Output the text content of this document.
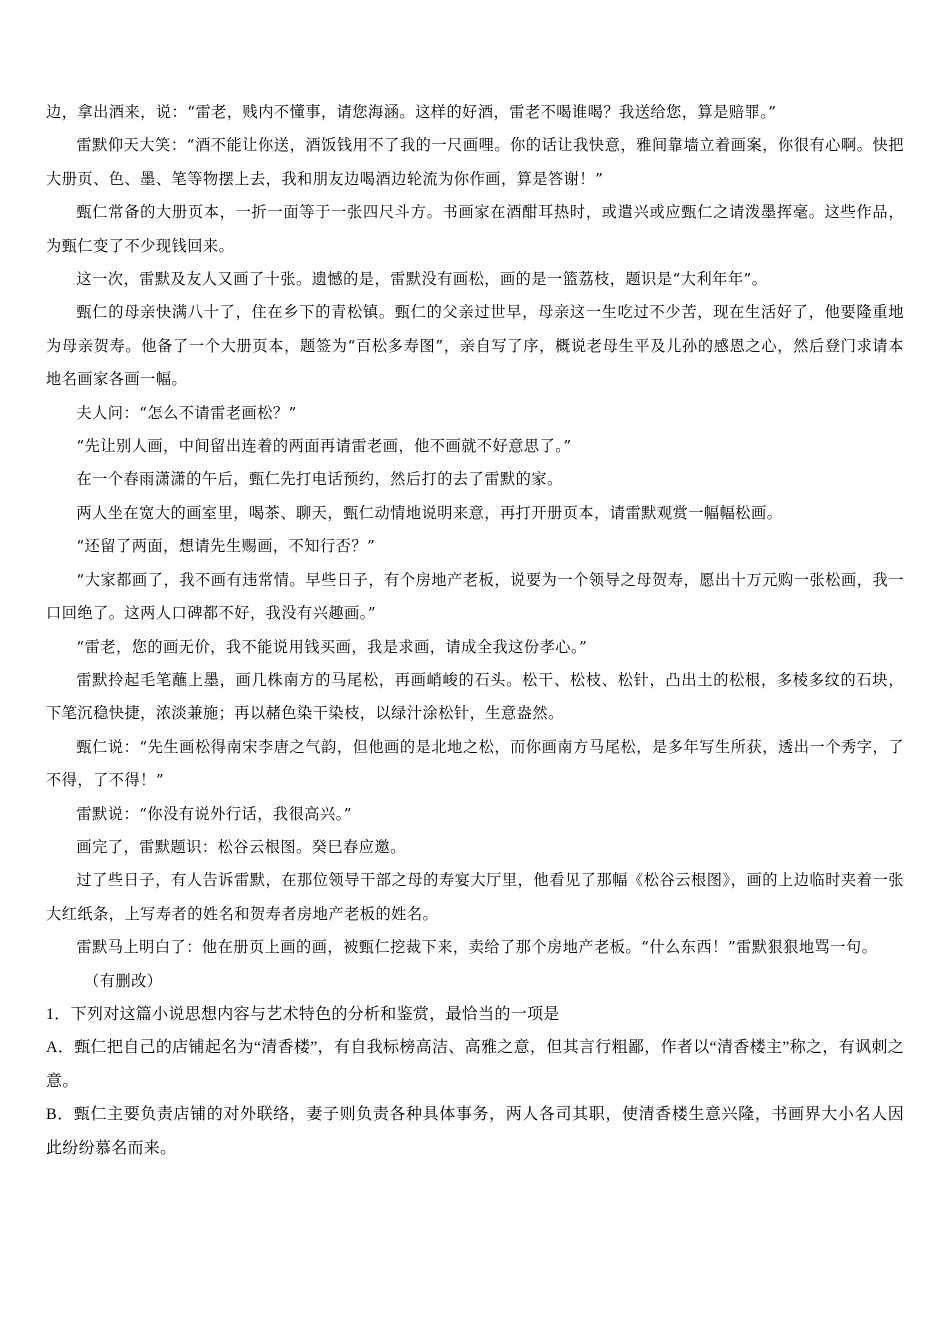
边，拿出酒来，说：“雷老，贱内不懂事，请您海涵。这样的好酒，雷老不喝谁喝？我送给您，算是赔罪。”

雷默仰天大笑：“酒不能让你送，酒饭钱用不了我的一尺画哩。你的话让我快意，雅间靠墙立着画案，你很有心啊。快把大册页、色、墨、笔等物摆上去，我和朋友边喝酒边轮流为你作画，算是答谢！”

甄仁常备的大册页本，一折一面等于一张四尺斗方。书画家在酒酣耳热时，或遣兴或应甄仁之请泼墨挥毫。这些作品，为甄仁变了不少现钱回来。

这一次，雷默及友人又画了十张。遗憾的是，雷默没有画松，画的是一篮荔枝，题识是“大利年年”。

甄仁的母亲快满八十了，住在乡下的青松镇。甄仁的父亲过世早，母亲这一生吃过不少苦，现在生活好了，他要隆重地为母亲贺寿。他备了一个大册页本，题签为“百松多寿图”，亲自写了序，概说老母生平及儿孙的感恩之心，然后登门求请本地名画家各画一幅。

夫人问：“怎么不请雷老画松？”

“先让别人画，中间留出连着的两面再请雷老画，他不画就不好意思了。”

在一个春雨潇潇的午后，甄仁先打电话预约，然后打的去了雷默的家。

两人坐在宽大的画室里，喝茶、聊天，甄仁动情地说明来意，再打开册页本，请雷默观赏一幅幅松画。

“还留了两面，想请先生赐画，不知行否？”

“大家都画了，我不画有违常情。早些日子，有个房地产老板，说要为一个领导之母贺寿，愿出十万元购一张松画，我一口回绝了。这两人口碑都不好，我没有兴趣画。”

“雷老，您的画无价，我不能说用钱买画，我是求画，请成全我这份孝心。”

雷默拎起毛笔蘸上墨，画几株南方的马尾松，再画峭峻的石头。松干、松枝、松针，凸出土的松根，多棱多纹的石块，下笔沉稳快捷，浓淡兼施；再以赭色染干染枝，以绿汁涂松针，生意盎然。

甄仁说：“先生画松得南宋李唐之气韵，但他画的是北地之松，而你画南方马尾松，是多年写生所获，透出一个秀字，了不得，了不得！”

雷默说：“你没有说外行话，我很高兴。”

画完了，雷默题识：松谷云根图。癸巳春应邀。

过了些日子，有人告诉雷默，在那位领导干部之母的寿宴大厅里，他看见了那幅《松谷云根图》，画的上边临时夹着一张大红纸条，上写寿者的姓名和贺寿者房地产老板的姓名。

雷默马上明白了：他在册页上画的画，被甄仁挖裁下来，卖给了那个房地产老板。“什么东西！”雷默狠狠地骂一句。

（有删改）

1．下列对这篇小说思想内容与艺术特色的分析和鉴赏，最恰当的一项是

A．甄仁把自己的店铺起名为“清香楼”，有自我标榜高洁、高雅之意，但其言行粗鄙，作者以“清香楼主”称之，有讽刺之意。

B．甄仁主要负责店铺的对外联络，妻子则负责各种具体事务，两人各司其职，使清香楼生意兴隆，书画界大小名人因此纷纷慕名而来。
